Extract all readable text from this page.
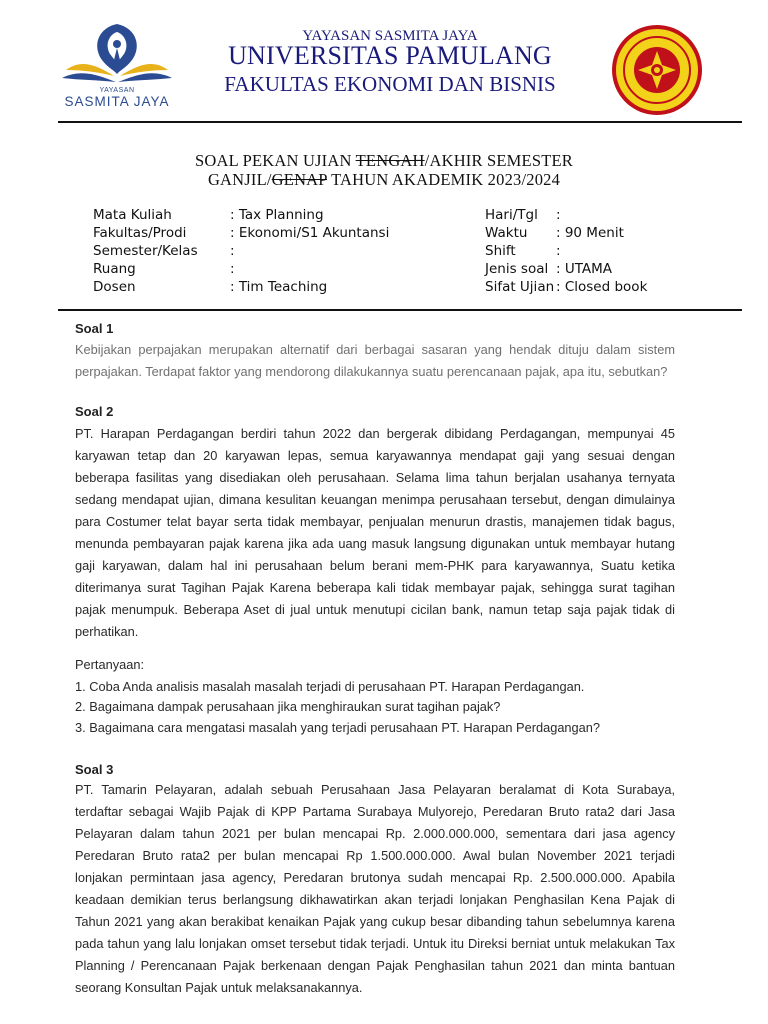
YAYASAN
SASMITA JAYA
YAYASAN SASMITA JAYA
UNIVERSITAS PAMULANG
FAKULTAS EKONOMI DAN BISNIS
SOAL PEKAN UJIAN TENGAH/AKHIR SEMESTER
GANJIL/GENAP TAHUN AKADEMIK 2023/2024
Mata Kuliah
Fakultas/Prodi
Semester/Kelas
Ruang
Dosen
: Tax Planning
: Ekonomi/S1 Akuntansi
:
:
: Tim Teaching
Hari/Tgl
Waktu
Shift
Jenis soal
Sifat Ujian
:
: 90 Menit
:
: UTAMA
: Closed book
Soal 1
Kebijakan perpajakan merupakan alternatif dari berbagai sasaran yang hendak dituju dalam sistem perpajakan. Terdapat faktor yang mendorong dilakukannya suatu perencanaan pajak, apa itu, sebutkan?
Soal 2
PT. Harapan Perdagangan berdiri tahun 2022 dan bergerak dibidang Perdagangan, mempunyai 45 karyawan tetap dan 20 karyawan lepas, semua karyawannya mendapat gaji yang sesuai dengan beberapa fasilitas yang disediakan oleh perusahaan. Selama lima tahun berjalan usahanya ternyata sedang mendapat ujian, dimana kesulitan keuangan menimpa perusahaan tersebut, dengan dimulainya para Costumer telat bayar serta tidak membayar, penjualan menurun drastis, manajemen tidak bagus, menunda pembayaran pajak karena jika ada uang masuk langsung digunakan untuk membayar hutang gaji karyawan, dalam hal ini perusahaan belum berani mem-PHK para karyawannya, Suatu ketika diterimanya surat Tagihan Pajak Karena beberapa kali tidak membayar pajak, sehingga surat tagihan pajak menumpuk. Beberapa Aset di jual untuk menutupi cicilan bank, namun tetap saja pajak tidak di perhatikan.
Pertanyaan:
1. Coba Anda analisis masalah masalah terjadi di perusahaan PT. Harapan Perdagangan.
2. Bagaimana dampak perusahaan jika menghiraukan surat tagihan pajak?
3. Bagaimana cara mengatasi masalah yang terjadi perusahaan PT. Harapan Perdagangan?
Soal 3
PT. Tamarin Pelayaran, adalah sebuah Perusahaan Jasa Pelayaran beralamat di Kota Surabaya, terdaftar sebagai Wajib Pajak di KPP Partama Surabaya Mulyorejo, Peredaran Bruto rata2 dari Jasa Pelayaran dalam tahun 2021 per bulan mencapai Rp. 2.000.000.000, sementara dari jasa agency Peredaran Bruto rata2 per bulan mencapai Rp 1.500.000.000. Awal bulan November 2021 terjadi lonjakan permintaan jasa agency, Peredaran brutonya sudah mencapai Rp. 2.500.000.000. Apabila keadaan demikian terus berlangsung dikhawatirkan akan terjadi lonjakan Penghasilan Kena Pajak di Tahun 2021 yang akan berakibat kenaikan Pajak yang cukup besar dibanding tahun sebelumnya karena pada tahun yang lalu lonjakan omset tersebut tidak terjadi. Untuk itu Direksi berniat untuk melakukan Tax Planning / Perencanaan Pajak berkenaan dengan Pajak Penghasilan tahun 2021 dan minta bantuan seorang Konsultan Pajak untuk melaksanakannya.
